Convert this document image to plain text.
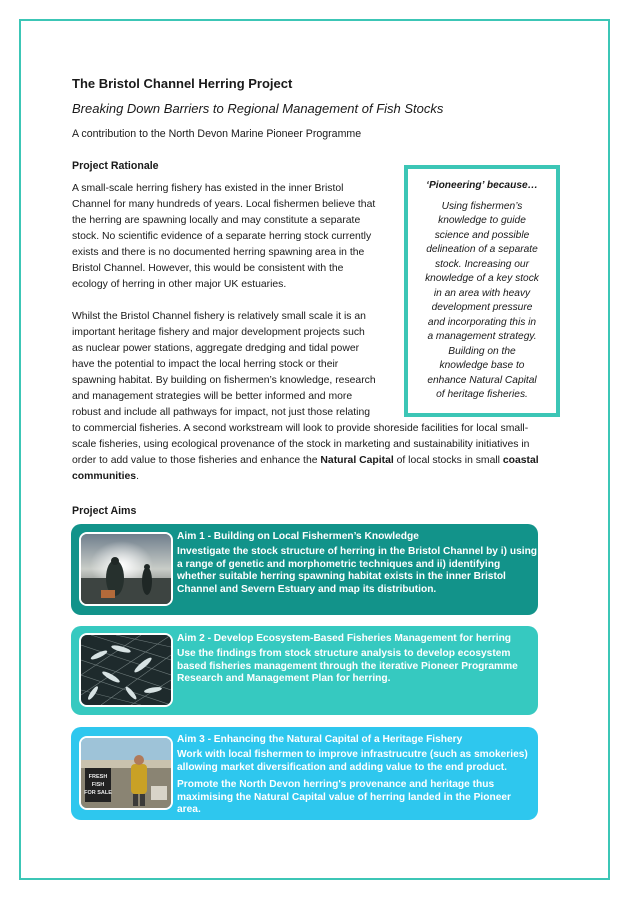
The Bristol Channel Herring Project
Breaking Down Barriers to Regional Management of Fish Stocks
A contribution to the North Devon Marine Pioneer Programme
Project Rationale
A small-scale herring fishery has existed in the inner Bristol
Channel for many hundreds of years. Local fishermen believe that
the herring are spawning locally and may constitute a separate
stock. No scientific evidence of a separate herring stock currently
exists and there is no documented herring spawning area in the
Bristol Channel. However, this would be consistent with the
ecology of herring in other major UK estuaries.
Whilst the Bristol Channel fishery is relatively small scale it is an
important heritage fishery and major development projects such
as nuclear power stations, aggregate dredging and tidal power
have the potential to impact the local herring stock or their
spawning habitat. By building on fishermen’s knowledge, research
and management strategies will be better informed and more
robust and include all pathways for impact, not just those relating
to commercial fisheries. A second workstream will look to provide shoreside facilities for local small-
scale fisheries, using ecological provenance of the stock in marketing and sustainability initiatives in
order to add value to those fisheries and enhance the Natural Capital of local stocks in small coastal
communities.
‘Pioneering’ because…
Using fishermen’s
knowledge to guide
science and possible
delineation of a separate
stock. Increasing our
knowledge of a key stock
in an area with heavy
development pressure
and incorporating this in
a management strategy.
Building on the
knowledge base to
enhance Natural Capital
of heritage fisheries.
Project Aims
Aim 1 - Building on Local Fishermen’s Knowledge
Investigate the stock structure of herring in the Bristol Channel by i) using
a range of genetic and morphometric techniques and ii) identifying
whether suitable herring spawning habitat exists in the inner Bristol
Channel and Severn Estuary and map its distribution.
Aim 2 - Develop Ecosystem-Based Fisheries Management for herring
Use the findings from stock structure analysis to develop ecosystem
based fisheries management through the iterative Pioneer Programme
Research and Management Plan for herring.
FRESH
FISH
FOR SALE
Aim 3 - Enhancing the Natural Capital of a Heritage Fishery
Work with local fishermen to improve infrastrucutre (such as smokeries)
allowing market diversification and adding value to the end product.
Promote the North Devon herring's provenance and heritage thus
maximising the Natural Capital value of herring landed in the Pioneer
area.
